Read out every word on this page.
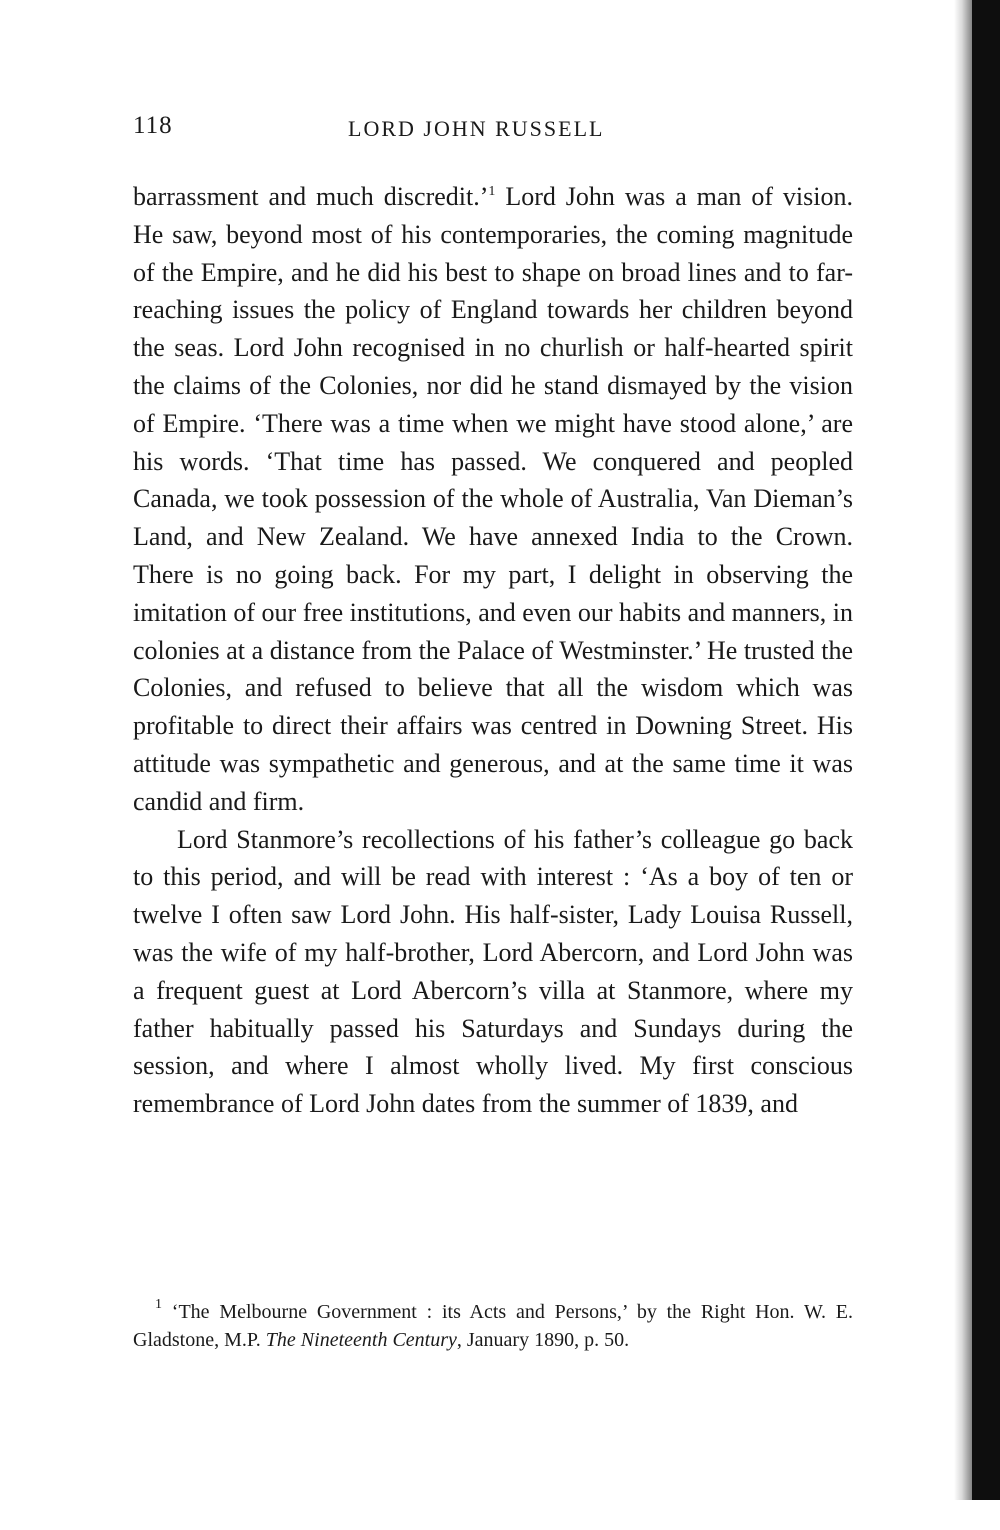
118	LORD JOHN RUSSELL

barrassment and much discredit.’$^1$ Lord John was a man of vision. He saw, beyond most of his contemporaries, the coming magnitude of the Empire, and he did his best to shape on broad lines and to far-reaching issues the policy of England towards her children beyond the seas. Lord John recognised in no churlish or half-hearted spirit the claims of the Colonies, nor did he stand dismayed by the vision of Empire. ‘There was a time when we might have stood alone,’ are his words. ‘That time has passed. We conquered and peopled Canada, we took possession of the whole of Australia, Van Dieman’s Land, and New Zealand. We have annexed India to the Crown. There is no going back. For my part, I delight in observing the imitation of our free institutions, and even our habits and manners, in colonies at a distance from the Palace of Westminster.’ He trusted the Colonies, and refused to believe that all the wisdom which was profitable to direct their affairs was centred in Downing Street. His attitude was sympathetic and generous, and at the same time it was candid and firm.

Lord Stanmore’s recollections of his father’s colleague go back to this period, and will be read with interest : ‘As a boy of ten or twelve I often saw Lord John. His half-sister, Lady Louisa Russell, was the wife of my half-brother, Lord Abercorn, and Lord John was a frequent guest at Lord Abercorn’s villa at Stanmore, where my father habitually passed his Saturdays and Sundays during the session, and where I almost wholly lived. My first conscious remembrance of Lord John dates from the summer of 1839, and

$^1$ ‘The Melbourne Government : its Acts and Persons,’ by the Right Hon. W. E. Gladstone, M.P. The Nineteenth Century, January 1890, p. 50.
